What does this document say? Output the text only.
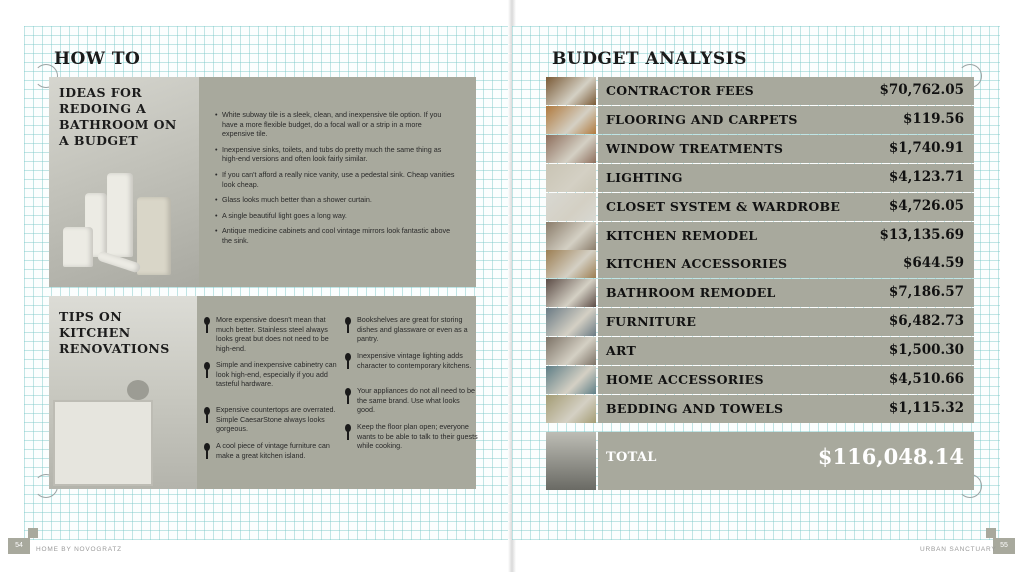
HOW TO
IDEAS FOR REDOING A BATHROOM ON A BUDGET
• White subway tile is a sleek, clean, and inexpensive tile option. If you have a more flexible budget, do a focal wall or a strip in a more expensive tile.
• Inexpensive sinks, toilets, and tubs do pretty much the same thing as high-end versions and often look fairly similar.
• If you can't afford a really nice vanity, use a pedestal sink. Cheap vanities look cheap.
• Glass looks much better than a shower curtain.
• A single beautiful light goes a long way.
• Antique medicine cabinets and cool vintage mirrors look fantastic above the sink.
TIPS ON KITCHEN RENOVATIONS
More expensive doesn't mean that much better. Stainless steel always looks great but does not need to be high-end.
Simple and inexpensive cabinetry can look high-end, especially if you add tasteful hardware.
Expensive countertops are overrated. Simple CaesarStone always looks gorgeous.
A cool piece of vintage furniture can make a great kitchen island.
Bookshelves are great for storing dishes and glassware or even as a pantry.
Inexpensive vintage lighting adds character to contemporary kitchens.
Your appliances do not all need to be the same brand. Use what looks good.
Keep the floor plan open; everyone wants to be able to talk to their guests while cooking.
54
HOME BY NOVOGRATZ
55
URBAN SANCTUARY
BUDGET ANALYSIS
CONTRACTOR FEES	$70,762.05
FLOORING AND CARPETS	$119.56
WINDOW TREATMENTS	$1,740.91
LIGHTING	$4,123.71
CLOSET SYSTEM & WARDROBE	$4,726.05
KITCHEN REMODEL	$13,135.69
KITCHEN ACCESSORIES	$644.59
BATHROOM REMODEL	$7,186.57
FURNITURE	$6,482.73
ART	$1,500.30
HOME ACCESSORIES	$4,510.66
BEDDING AND TOWELS	$1,115.32
TOTAL	$116,048.14
